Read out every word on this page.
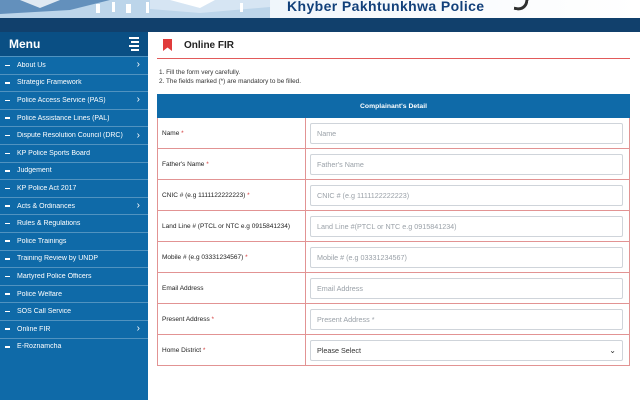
Khyber Pakhtunkhwa Police
Menu
About Us	›
Strategic Framework
Police Access Service (PAS)	›
Police Assistance Lines (PAL)
Dispute Resolution Council (DRC)	›
KP Police Sports Board
Judgement
KP Police Act 2017
Acts & Ordinances	›
Rules & Regulations
Police Trainings
Training Review by UNDP
Martyred Police Officers
Police Welfare
SOS Call Service
Online FIR	›
E-Roznamcha
Online FIR
1. Fill the form very carefully.
2. The fields marked (*) are mandatory to be filled.
Complainant's Detail	
Name *	Name
Father's Name *	Father's Name
CNIC # (e.g 1111122222223) *	CNIC # (e.g 1111122222223)
Land Line # (PTCL or NTC e.g 0915841234)	Land Line #(PTCL or NTC e.g 0915841234)
Mobile # (e.g 03331234567) *	Mobile # (e.g 03331234567)
Email Address	Email Address
Present Address *	Present Address *
Home District *	Please Select ⌄
